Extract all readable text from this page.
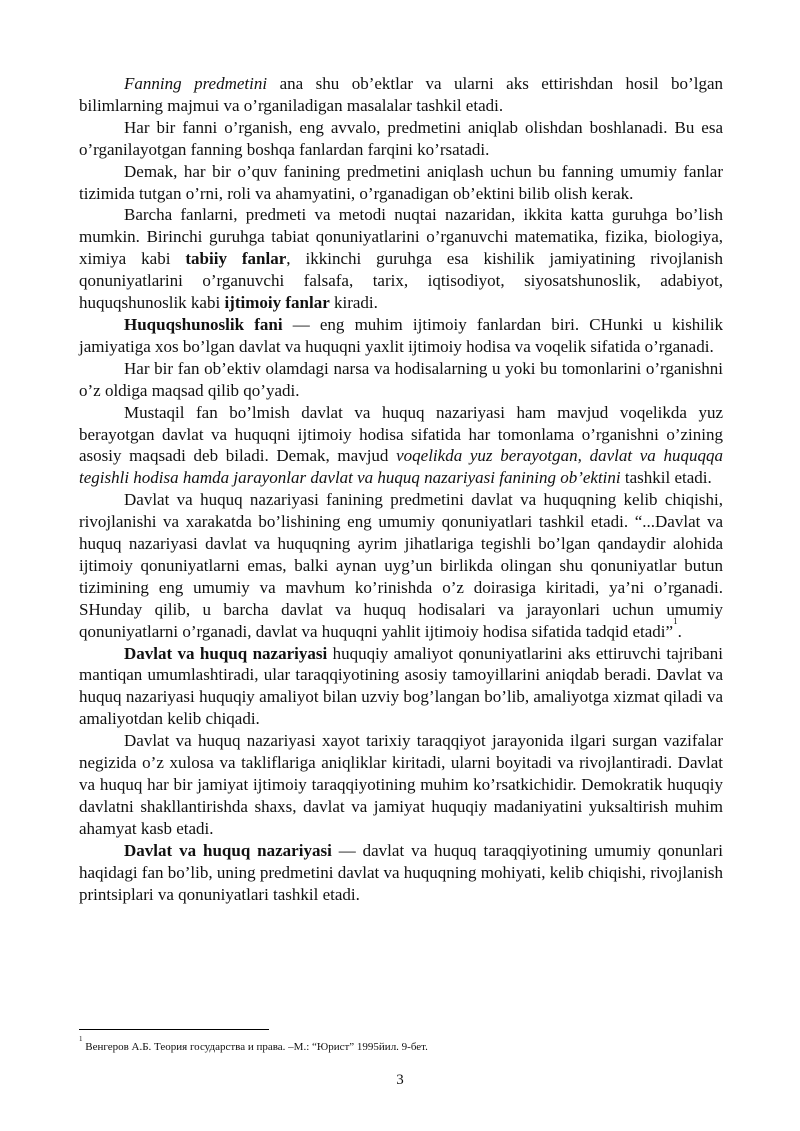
Fanning predmetini ana shu ob’ektlar va ularni aks ettirishdan hosil bo’lgan bilimlarning majmui va o’rganiladigan masalalar tashkil etadi.

Har bir fanni o’rganish, eng avvalo, predmetini aniqlab olishdan boshlanadi. Bu esa o’rganilayotgan fanning boshqa fanlardan farqini ko’rsatadi.

Demak, har bir o’quv fanining predmetini aniqlash uchun bu fanning umumiy fanlar tizimida tutgan o’rni, roli va ahamyatini, o’rganadigan ob’ektini bilib olish kerak.

Barcha fanlarni, predmeti va metodi nuqtai nazaridan, ikkita katta guruhga bo’lish mumkin. Birinchi guruhga tabiat qonuniyatlarini o’rganuvchi matematika, fizika, biologiya, ximiya kabi tabiiy fanlar, ikkinchi guruhga esa kishilik jamiyatining rivojlanish qonuniyatlarini o’rganuvchi falsafa, tarix, iqtisodiyot, siyosatshunoslik, adabiyot, huquqshunoslik kabi ijtimoiy fanlar kiradi.

Huquqshunoslik fani — eng muhim ijtimoiy fanlardan biri. CHunki u kishilik jamiyatiga xos bo’lgan davlat va huquqni yaxlit ijtimoiy hodisa va voqelik sifatida o’rganadi.

Har bir fan ob’ektiv olamdagi narsa va hodisalarning u yoki bu tomonlarini o’rganishni o’z oldiga maqsad qilib qo’yadi.

Mustaqil fan bo’lmish davlat va huquq nazariyasi ham mavjud voqelikda yuz berayotgan davlat va huquqni ijtimoiy hodisa sifatida har tomonlama o’rganishni o’zining asosiy maqsadi deb biladi. Demak, mavjud voqelikda yuz berayotgan, davlat va huquqqa tegishli hodisa hamda jarayonlar davlat va huquq nazariyasi fanining ob’ektini tashkil etadi.

Davlat va huquq nazariyasi fanining predmetini davlat va huquqning kelib chiqishi, rivojlanishi va xarakatda bo’lishining eng umumiy qonuniyatlari tashkil etadi. “...Davlat va huquq nazariyasi davlat va huquqning ayrim jihatlariga tegishli bo’lgan qandaydir alohida ijtimoiy qonuniyatlarni emas, balki aynan uyg’un birlikda olingan shu qonuniyatlar butun tizimining eng umumiy va mavhum ko’rinishda o’z doirasiga kiritadi, ya’ni o’rganadi. SHunday qilib, u barcha davlat va huquq hodisalari va jarayonlari uchun umumiy qonuniyatlarni o’rganadi, davlat va huquqni yahlit ijtimoiy hodisa sifatida tadqid etadi”$^1$.

Davlat va huquq nazariyasi huquqiy amaliyot qonuniyatlarini aks ettiruvchi tajribani mantiqan umumlashtiradi, ular taraqqiyotining asosiy tamoyillarini aniqdab beradi. Davlat va huquq nazariyasi huquqiy amaliyot bilan uzviy bog’langan bo’lib, amaliyotga xizmat qiladi va amaliyotdan kelib chiqadi.

Davlat va huquq nazariyasi xayot tarixiy taraqqiyot jarayonida ilgari surgan vazifalar negizida o’z xulosa va takliflariga aniqliklar kiritadi, ularni boyitadi va rivojlantiradi. Davlat va huquq har bir jamiyat ijtimoiy taraqqiyotining muhim ko’rsatkichidir. Demokratik huquqiy davlatni shakllantirishda shaxs, davlat va jamiyat huquqiy madaniyatini yuksaltirish muhim ahamyat kasb etadi.

Davlat va huquq nazariyasi — davlat va huquq taraqqiyotining umumiy qonunlari haqidagi fan bo’lib, uning predmetini davlat va huquqning mohiyati, kelib chiqishi, rivojlanish printsiplari va qonuniyatlari tashkil etadi.

$^1$ Венгеров А.Б. Теория государства и права. –М.: “Юрист” 1995йил. 9-бет.
3
